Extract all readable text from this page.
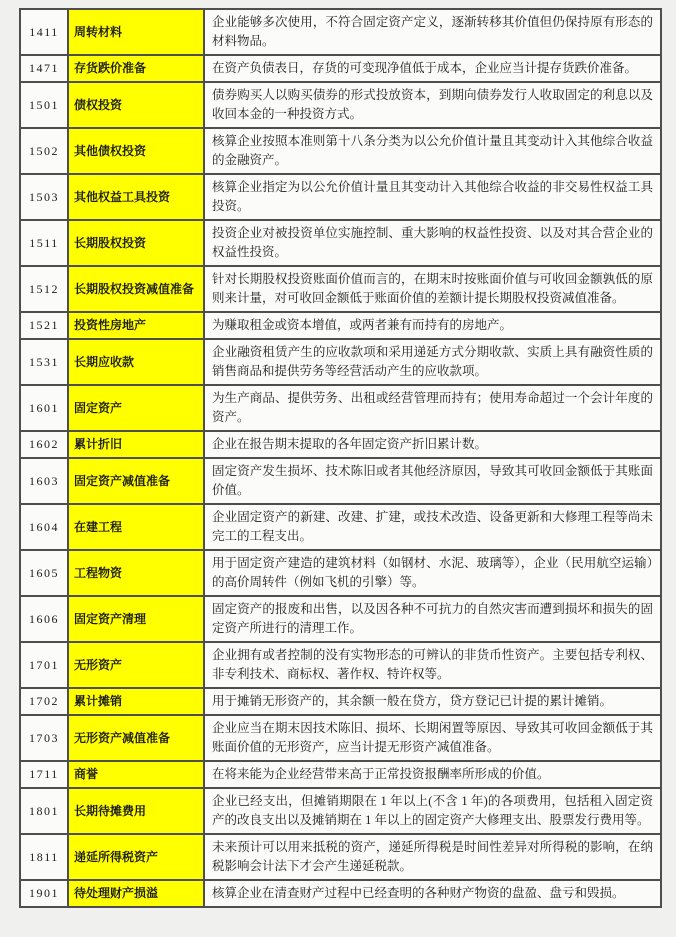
1411	周转材料	企业能够多次使用，不符合固定资产定义，逐渐转移其价值但仍保持原有形态的材料物品。
1471	存货跌价准备	在资产负债表日，存货的可变现净值低于成本，企业应当计提存货跌价准备。
1501	债权投资	债券购买人以购买债券的形式投放资本，到期向债券发行人收取固定的利息以及收回本金的一种投资方式。
1502	其他债权投资	核算企业按照本准则第十八条分类为以公允价值计量且其变动计入其他综合收益的金融资产。
1503	其他权益工具投资	核算企业指定为以公允价值计量且其变动计入其他综合收益的非交易性权益工具投资。
1511	长期股权投资	投资企业对被投资单位实施控制、重大影响的权益性投资、以及对其合营企业的权益性投资。
1512	长期股权投资减值准备	针对长期股权投资账面价值而言的，在期末时按账面价值与可收回金额孰低的原则来计量，对可收回金额低于账面价值的差额计提长期股权投资减值准备。
1521	投资性房地产	为赚取租金或资本增值，或两者兼有而持有的房地产。
1531	长期应收款	企业融资租赁产生的应收款项和采用递延方式分期收款、实质上具有融资性质的销售商品和提供劳务等经营活动产生的应收款项。
1601	固定资产	为生产商品、提供劳务、出租或经营管理而持有；使用寿命超过一个会计年度的资产。
1602	累计折旧	企业在报告期末提取的各年固定资产折旧累计数。
1603	固定资产减值准备	固定资产发生损坏、技术陈旧或者其他经济原因，导致其可收回金额低于其账面价值。
1604	在建工程	企业固定资产的新建、改建、扩建，或技术改造、设备更新和大修理工程等尚未完工的工程支出。
1605	工程物资	用于固定资产建造的建筑材料（如钢材、水泥、玻璃等），企业（民用航空运输）的高价周转件（例如飞机的引擎）等。
1606	固定资产清理	固定资产的报废和出售，以及因各种不可抗力的自然灾害而遭到损坏和损失的固定资产所进行的清理工作。
1701	无形资产	企业拥有或者控制的没有实物形态的可辨认的非货币性资产。主要包括专利权、非专利技术、商标权、著作权、特许权等。
1702	累计摊销	用于摊销无形资产的，其余额一般在贷方，贷方登记已计提的累计摊销。
1703	无形资产减值准备	企业应当在期末因技术陈旧、损坏、长期闲置等原因、导致其可收回金额低于其账面价值的无形资产，应当计提无形资产减值准备。
1711	商誉	在将来能为企业经营带来高于正常投资报酬率所形成的价值。
1801	长期待摊费用	企业已经支出，但摊销期限在 1 年以上(不含 1 年)的各项费用，包括租入固定资产的改良支出以及摊销期在 1 年以上的固定资产大修理支出、股票发行费用等。
1811	递延所得税资产	未来预计可以用来抵税的资产，递延所得税是时间性差异对所得税的影响，在纳税影响会计法下才会产生递延税款。
1901	待处理财产损溢	核算企业在清查财产过程中已经查明的各种财产物资的盘盈、盘亏和毁损。
